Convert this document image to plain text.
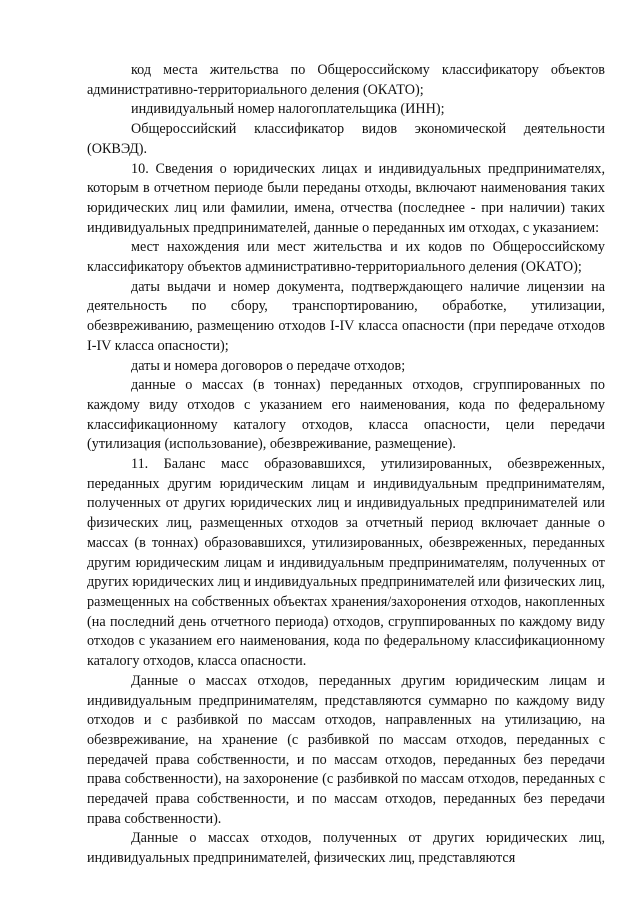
код места жительства по Общероссийскому классификатору объектов административно-территориального деления (ОКАТО);

индивидуальный номер налогоплательщика (ИНН);

Общероссийский классификатор видов экономической деятельности (ОКВЭД).

10. Сведения о юридических лицах и индивидуальных предпринимателях, которым в отчетном периоде были переданы отходы, включают наименования таких юридических лиц или фамилии, имена, отчества (последнее - при наличии) таких индивидуальных предпринимателей, данные о переданных им отходах, с указанием:

мест нахождения или мест жительства и их кодов по Общероссийскому классификатору объектов административно-территориального деления (ОКАТО);

даты выдачи и номер документа, подтверждающего наличие лицензии на деятельность по сбору, транспортированию, обработке, утилизации, обезвреживанию, размещению отходов I-IV класса опасности (при передаче отходов I-IV класса опасности);

даты и номера договоров о передаче отходов;

данные о массах (в тоннах) переданных отходов, сгруппированных по каждому виду отходов с указанием его наименования, кода по федеральному классификационному каталогу отходов, класса опасности, цели передачи (утилизация (использование), обезвреживание, размещение).

11. Баланс масс образовавшихся, утилизированных, обезвреженных, переданных другим юридическим лицам и индивидуальным предпринимателям, полученных от других юридических лиц и индивидуальных предпринимателей или физических лиц, размещенных отходов за отчетный период включает данные о массах (в тоннах) образовавшихся, утилизированных, обезвреженных, переданных другим юридическим лицам и индивидуальным предпринимателям, полученных от других юридических лиц и индивидуальных предпринимателей или физических лиц, размещенных на собственных объектах хранения/захоронения отходов, накопленных (на последний день отчетного периода) отходов, сгруппированных по каждому виду отходов с указанием его наименования, кода по федеральному классификационному каталогу отходов, класса опасности.

Данные о массах отходов, переданных другим юридическим лицам и индивидуальным предпринимателям, представляются суммарно по каждому виду отходов и с разбивкой по массам отходов, направленных на утилизацию, на обезвреживание, на хранение (с разбивкой по массам отходов, переданных с передачей права собственности, и по массам отходов, переданных без передачи права собственности), на захоронение (с разбивкой по массам отходов, переданных с передачей права собственности, и по массам отходов, переданных без передачи права собственности).

Данные о массах отходов, полученных от других юридических лиц, индивидуальных предпринимателей, физических лиц, представляются
